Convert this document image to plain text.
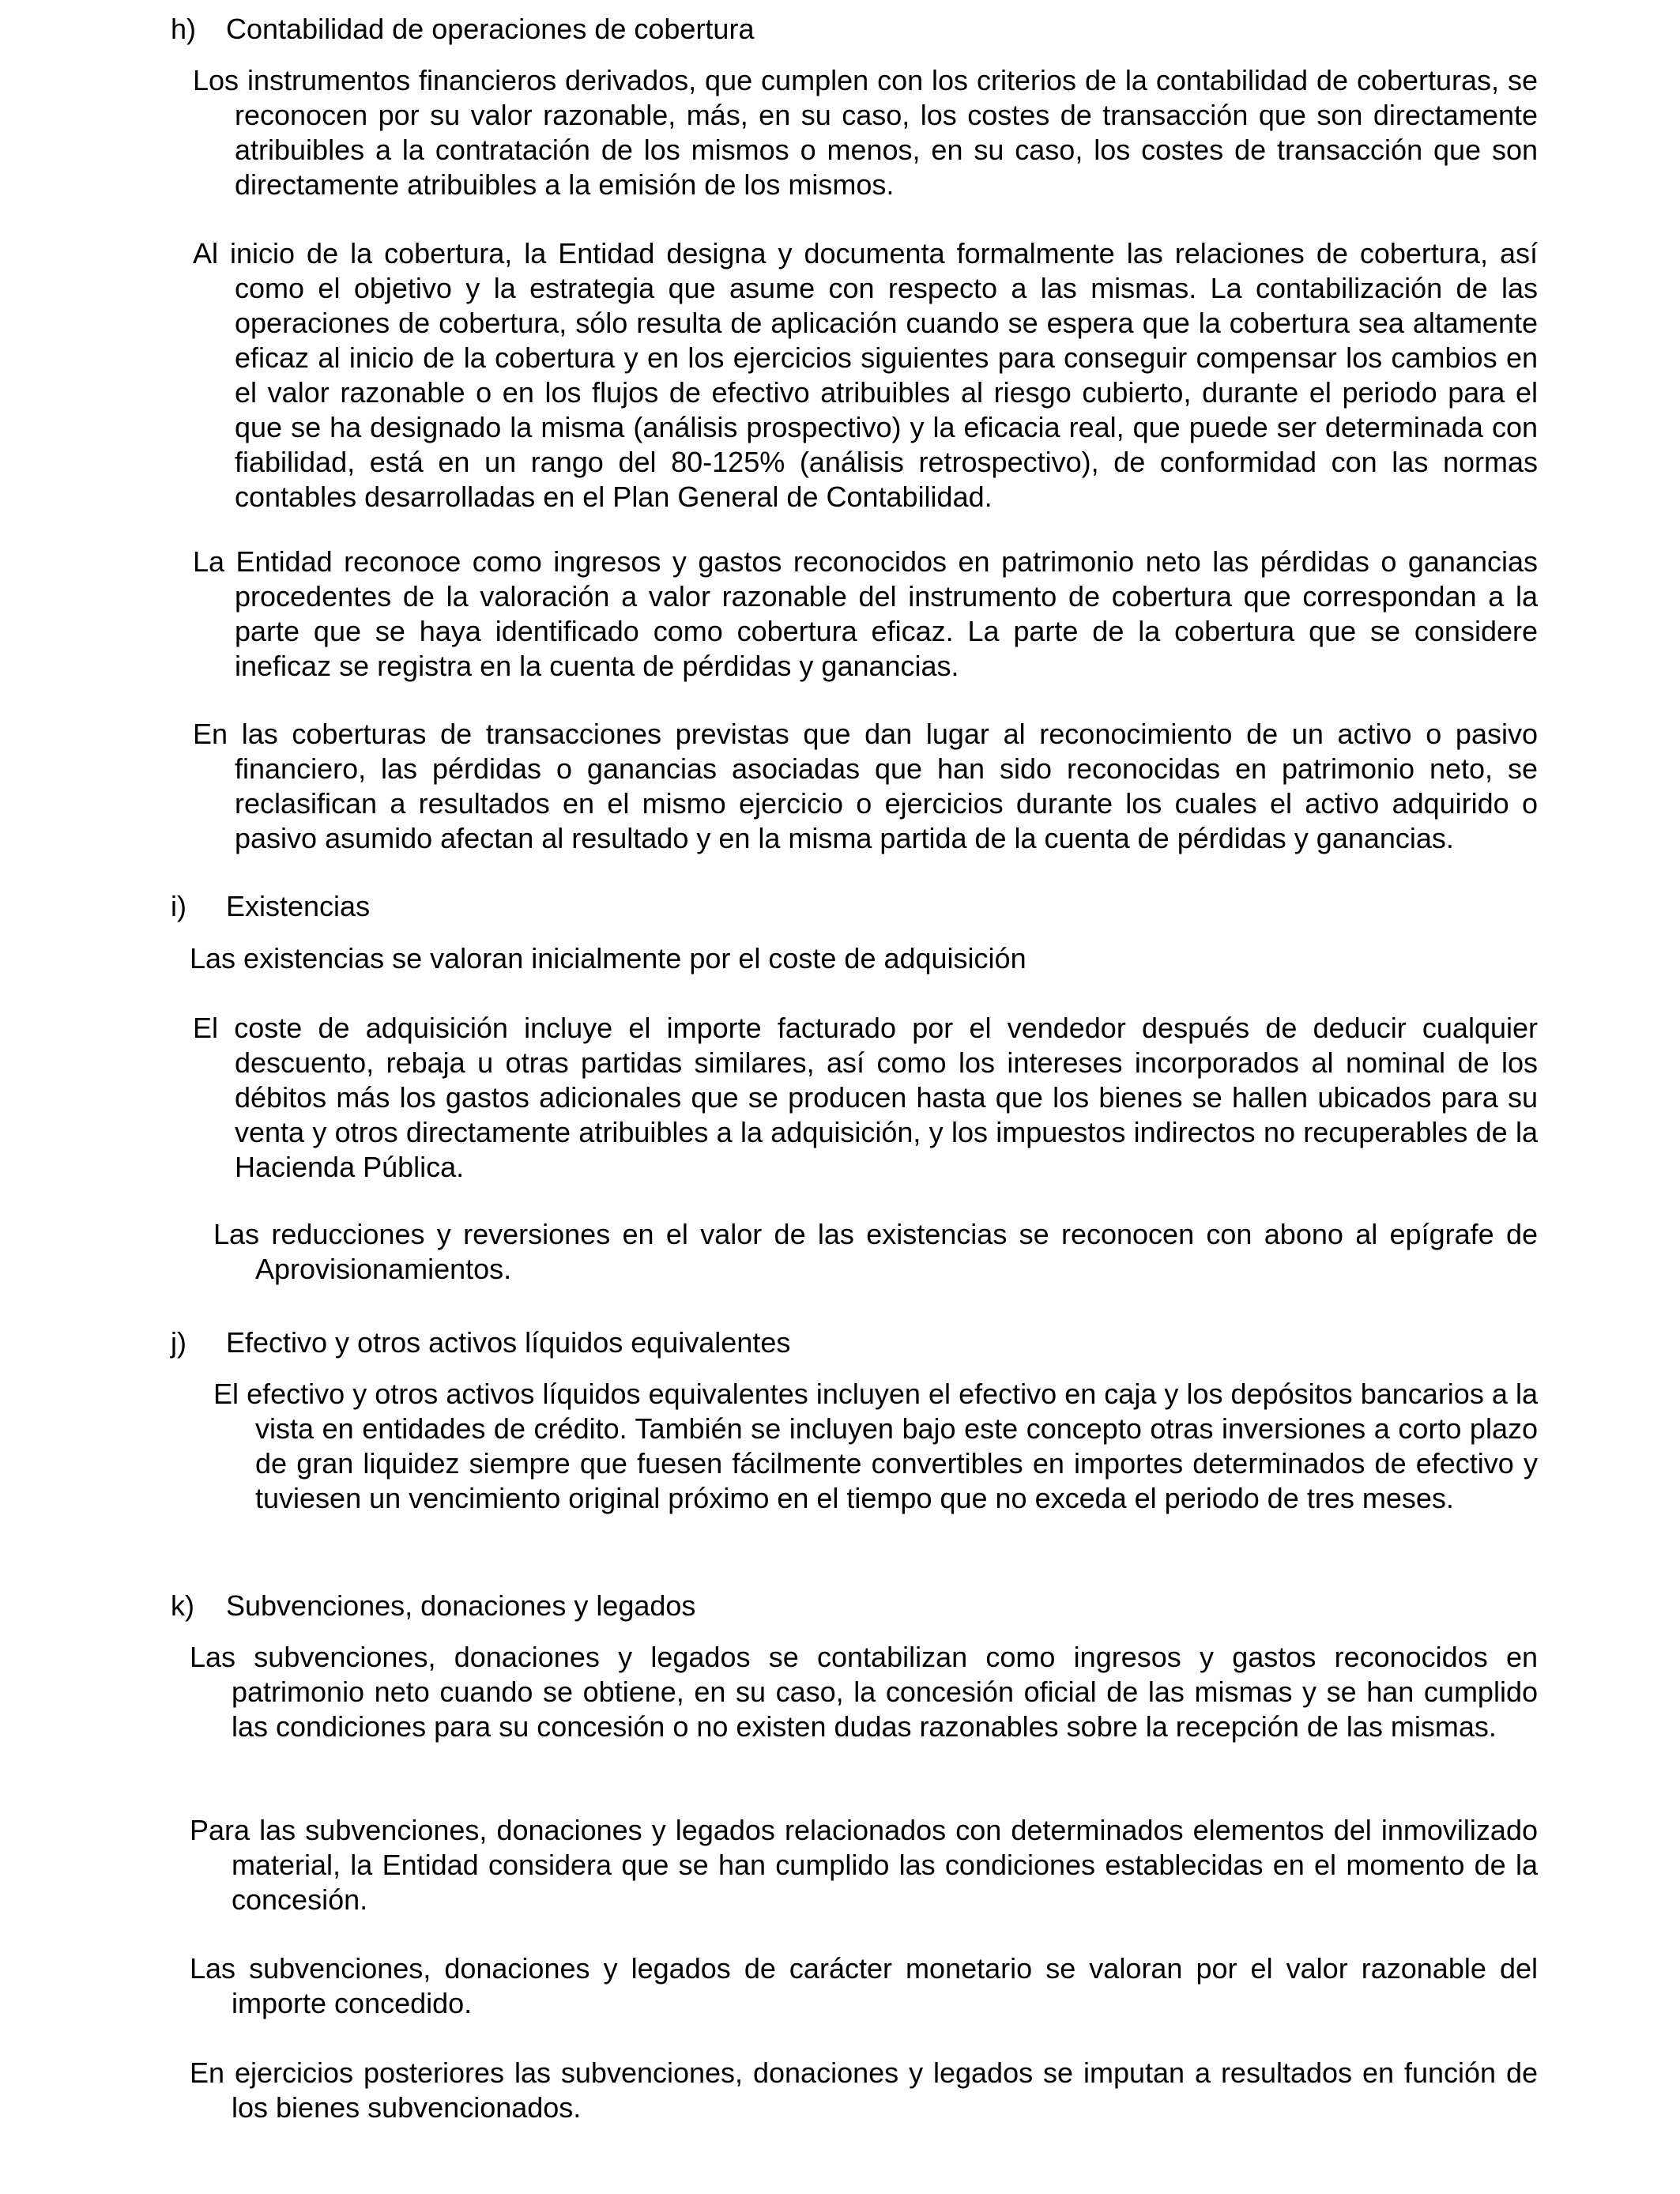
h) Contabilidad de operaciones de cobertura

Los instrumentos financieros derivados, que cumplen con los criterios de la contabilidad de coberturas, se reconocen por su valor razonable, más, en su caso, los costes de transacción que son directamente atribuibles a la contratación de los mismos o menos, en su caso, los costes de transacción que son directamente atribuibles a la emisión de los mismos.

Al inicio de la cobertura, la Entidad designa y documenta formalmente las relaciones de cobertura, así como el objetivo y la estrategia que asume con respecto a las mismas. La contabilización de las operaciones de cobertura, sólo resulta de aplicación cuando se espera que la cobertura sea altamente eficaz al inicio de la cobertura y en los ejercicios siguientes para conseguir compensar los cambios en el valor razonable o en los flujos de efectivo atribuibles al riesgo cubierto, durante el periodo para el que se ha designado la misma (análisis prospectivo) y la eficacia real, que puede ser determinada con fiabilidad, está en un rango del 80-125% (análisis retrospectivo), de conformidad con las normas contables desarrolladas en el Plan General de Contabilidad.

La Entidad reconoce como ingresos y gastos reconocidos en patrimonio neto las pérdidas o ganancias procedentes de la valoración a valor razonable del instrumento de cobertura que correspondan a la parte que se haya identificado como cobertura eficaz. La parte de la cobertura que se considere ineficaz se registra en la cuenta de pérdidas y ganancias.

En las coberturas de transacciones previstas que dan lugar al reconocimiento de un activo o pasivo financiero, las pérdidas o ganancias asociadas que han sido reconocidas en patrimonio neto, se reclasifican a resultados en el mismo ejercicio o ejercicios durante los cuales el activo adquirido o pasivo asumido afectan al resultado y en la misma partida de la cuenta de pérdidas y ganancias.

i) Existencias

Las existencias se valoran inicialmente por el coste de adquisición

El coste de adquisición incluye el importe facturado por el vendedor después de deducir cualquier descuento, rebaja u otras partidas similares, así como los intereses incorporados al nominal de los débitos más los gastos adicionales que se producen hasta que los bienes se hallen ubicados para su venta y otros directamente atribuibles a la adquisición, y los impuestos indirectos no recuperables de la Hacienda Pública.

Las reducciones y reversiones en el valor de las existencias se reconocen con abono al epígrafe de Aprovisionamientos.

j) Efectivo y otros activos líquidos equivalentes

El efectivo y otros activos líquidos equivalentes incluyen el efectivo en caja y los depósitos bancarios a la vista en entidades de crédito. También se incluyen bajo este concepto otras inversiones a corto plazo de gran liquidez siempre que fuesen fácilmente convertibles en importes determinados de efectivo y tuviesen un vencimiento original próximo en el tiempo que no exceda el periodo de tres meses.

k) Subvenciones, donaciones y legados

Las subvenciones, donaciones y legados se contabilizan como ingresos y gastos reconocidos en patrimonio neto cuando se obtiene, en su caso, la concesión oficial de las mismas y se han cumplido las condiciones para su concesión o no existen dudas razonables sobre la recepción de las mismas.

Para las subvenciones, donaciones y legados relacionados con determinados elementos del inmovilizado material, la Entidad considera que se han cumplido las condiciones establecidas en el momento de la concesión.

Las subvenciones, donaciones y legados de carácter monetario se valoran por el valor razonable del importe concedido.

En ejercicios posteriores las subvenciones, donaciones y legados se imputan a resultados en función de los bienes subvencionados.
